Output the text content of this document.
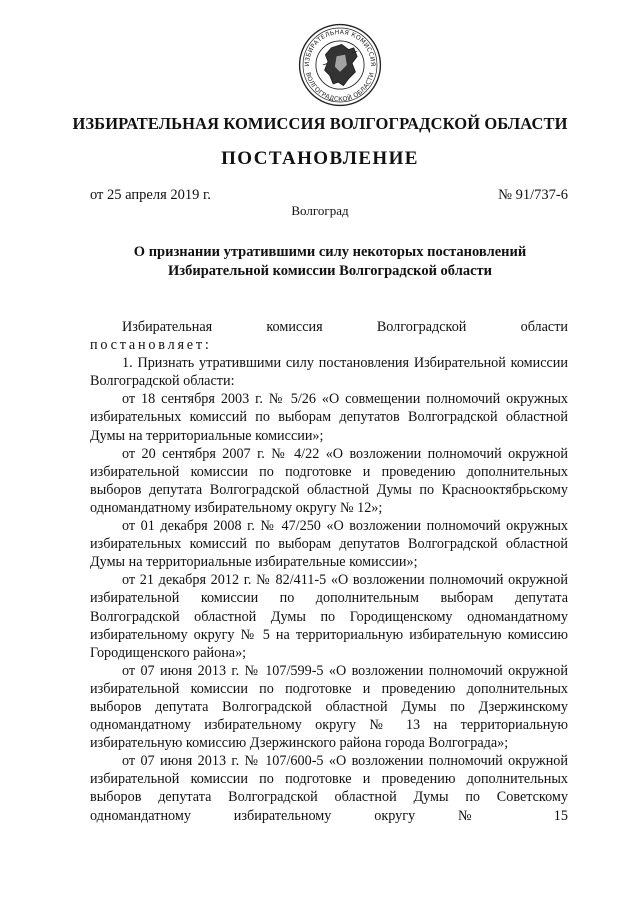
ИЗБИРАТЕЛЬНАЯ КОМИССИЯ
ВОЛГОГРАДСКОЙ ОБЛАСТИ
ИЗБИРАТЕЛЬНАЯ КОМИССИЯ ВОЛГОГРАДСКОЙ ОБЛАСТИ
ПОСТАНОВЛЕНИЕ
от 25 апреля 2019 г.	№ 91/737-6
Волгоград
О признании утратившими силу некоторых постановлений
Избирательной комиссии Волгоградской области

Избирательная	комиссия	Волгоградской	области

постановляет:

1. Признать утратившими силу постановления Избирательной комиссии Волгоградской области:

от 18 сентября 2003 г. № 5/26 «О совмещении полномочий окружных избирательных комиссий по выборам депутатов Волгоградской областной Думы на территориальные комиссии»;

от 20 сентября 2007 г. № 4/22 «О возложении полномочий окружной избирательной комиссии по подготовке и проведению дополнительных выборов депутата Волгоградской областной Думы по Краснооктябрьскому одномандатному избирательному округу № 12»;

от 01 декабря 2008 г. № 47/250 «О возложении полномочий окружных избирательных комиссий по выборам депутатов Волгоградской областной Думы на территориальные избирательные комиссии»;

от 21 декабря 2012 г. № 82/411-5 «О возложении полномочий окружной избирательной комиссии по дополнительным выборам депутата Волгоградской областной Думы по Городищенскому одномандатному избирательному округу № 5 на территориальную избирательную комиссию Городищенского района»;

от 07 июня 2013 г. № 107/599-5 «О возложении полномочий окружной избирательной комиссии по подготовке и проведению дополнительных выборов депутата Волгоградской областной Думы по Дзержинскому одномандатному избирательному округу № 13 на территориальную избирательную комиссию Дзержинского района города Волгограда»;

от 07 июня 2013 г. № 107/600-5 «О возложении полномочий окружной избирательной комиссии по подготовке и проведению дополнительных выборов депутата Волгоградской областной Думы по Советскому одномандатному избирательному округу № 15
